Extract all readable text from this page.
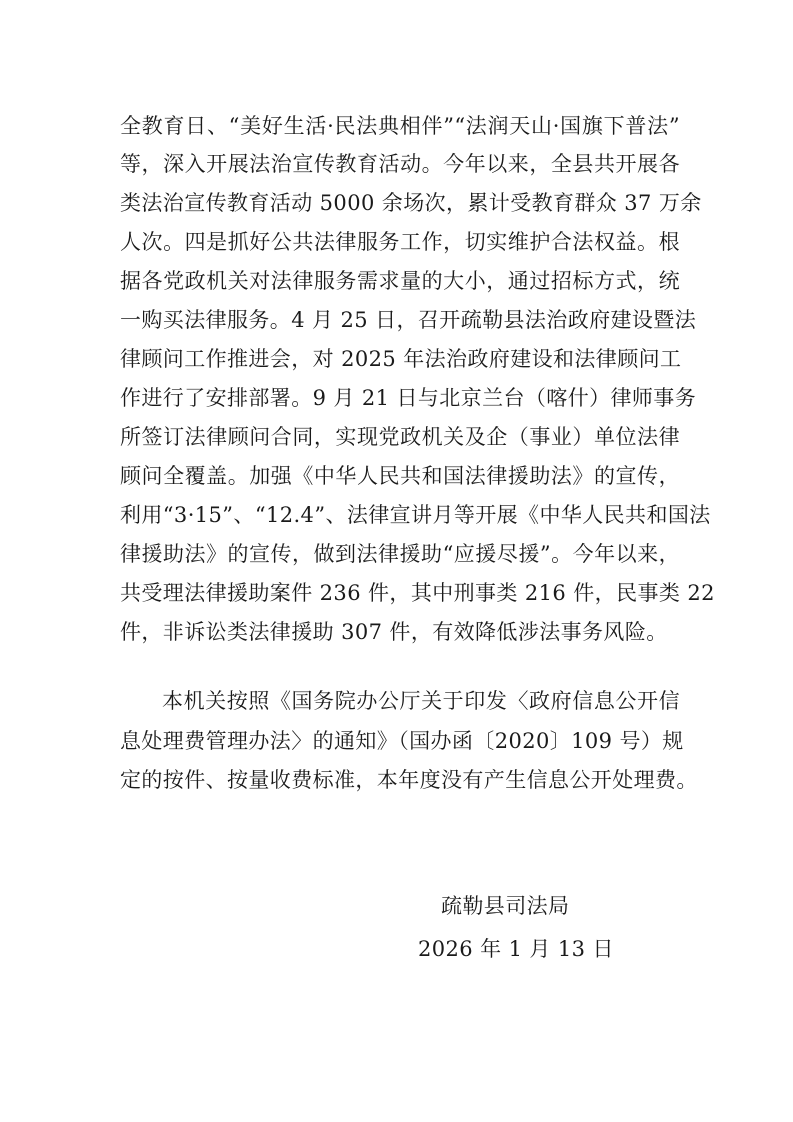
全教育日、“美好生活·民法典相伴”“法润天山·国旗下普法”
等，深入开展法治宣传教育活动。今年以来，全县共开展各
类法治宣传教育活动 5000 余场次，累计受教育群众 37 万余
人次。四是抓好公共法律服务工作，切实维护合法权益。根
据各党政机关对法律服务需求量的大小，通过招标方式，统
一购买法律服务。4 月 25 日，召开疏勒县法治政府建设暨法
律顾问工作推进会，对 2025 年法治政府建设和法律顾问工
作进行了安排部署。9 月 21 日与北京兰台（喀什）律师事务
所签订法律顾问合同，实现党政机关及企（事业）单位法律
顾问全覆盖。加强《中华人民共和国法律援助法》的宣传，
利用“3·15”、“12.4”、法律宣讲月等开展《中华人民共和国法
律援助法》的宣传，做到法律援助“应援尽援”。今年以来，
共受理法律援助案件 236 件，其中刑事类 216 件，民事类 22
件，非诉讼类法律援助 307 件，有效降低涉法事务风险。
本机关按照《国务院办公厅关于印发〈政府信息公开信
息处理费管理办法〉的通知》（国办函〔2020〕109 号）规
定的按件、按量收费标准，本年度没有产生信息公开处理费。
疏勒县司法局
2026 年 1 月 13 日
